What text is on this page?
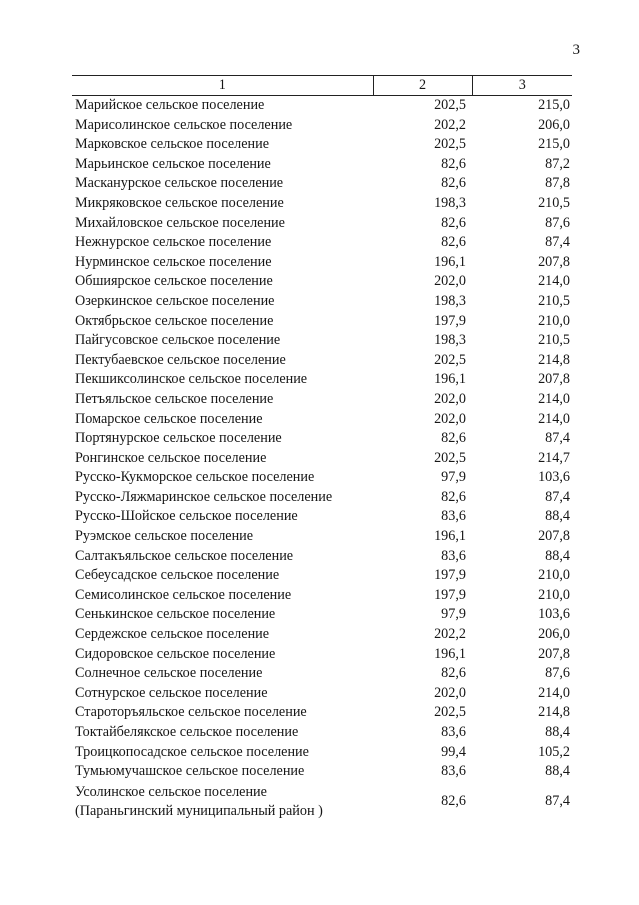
3
1	2	3
Марийское сельское поселение	202,5	215,0
Марисолинское сельское поселение	202,2	206,0
Марковское сельское поселение	202,5	215,0
Марьинское сельское поселение	82,6	87,2
Масканурское сельское поселение	82,6	87,8
Микряковское сельское поселение	198,3	210,5
Михайловское сельское поселение	82,6	87,6
Нежнурское сельское поселение	82,6	87,4
Нурминское сельское поселение	196,1	207,8
Обшиярское сельское поселение	202,0	214,0
Озеркинское сельское поселение	198,3	210,5
Октябрьское сельское поселение	197,9	210,0
Пайгусовское сельское поселение	198,3	210,5
Пектубаевское сельское поселение	202,5	214,8
Пекшиксолинское сельское поселение	196,1	207,8
Петъяльское сельское поселение	202,0	214,0
Помарское сельское поселение	202,0	214,0
Портянурское сельское поселение	82,6	87,4
Ронгинское сельское поселение	202,5	214,7
Русско-Кукморское сельское поселение	97,9	103,6
Русско-Ляжмаринское сельское поселение	82,6	87,4
Русско-Шойское сельское поселение	83,6	88,4
Руэмское сельское поселение	196,1	207,8
Салтакъяльское сельское поселение	83,6	88,4
Себеусадское сельское поселение	197,9	210,0
Семисолинское сельское поселение	197,9	210,0
Сенькинское сельское поселение	97,9	103,6
Сердежское сельское поселение	202,2	206,0
Сидоровское сельское поселение	196,1	207,8
Солнечное сельское поселение	82,6	87,6
Сотнурское сельское поселение	202,0	214,0
Староторъяльское сельское поселение	202,5	214,8
Токтайбелякское сельское поселение	83,6	88,4
Троицкопосадское сельское поселение	99,4	105,2
Тумьюмучашское сельское поселение	83,6	88,4

Усолинское сельское поселение
(Параньгинский муниципальный район )	82,6	87,4
